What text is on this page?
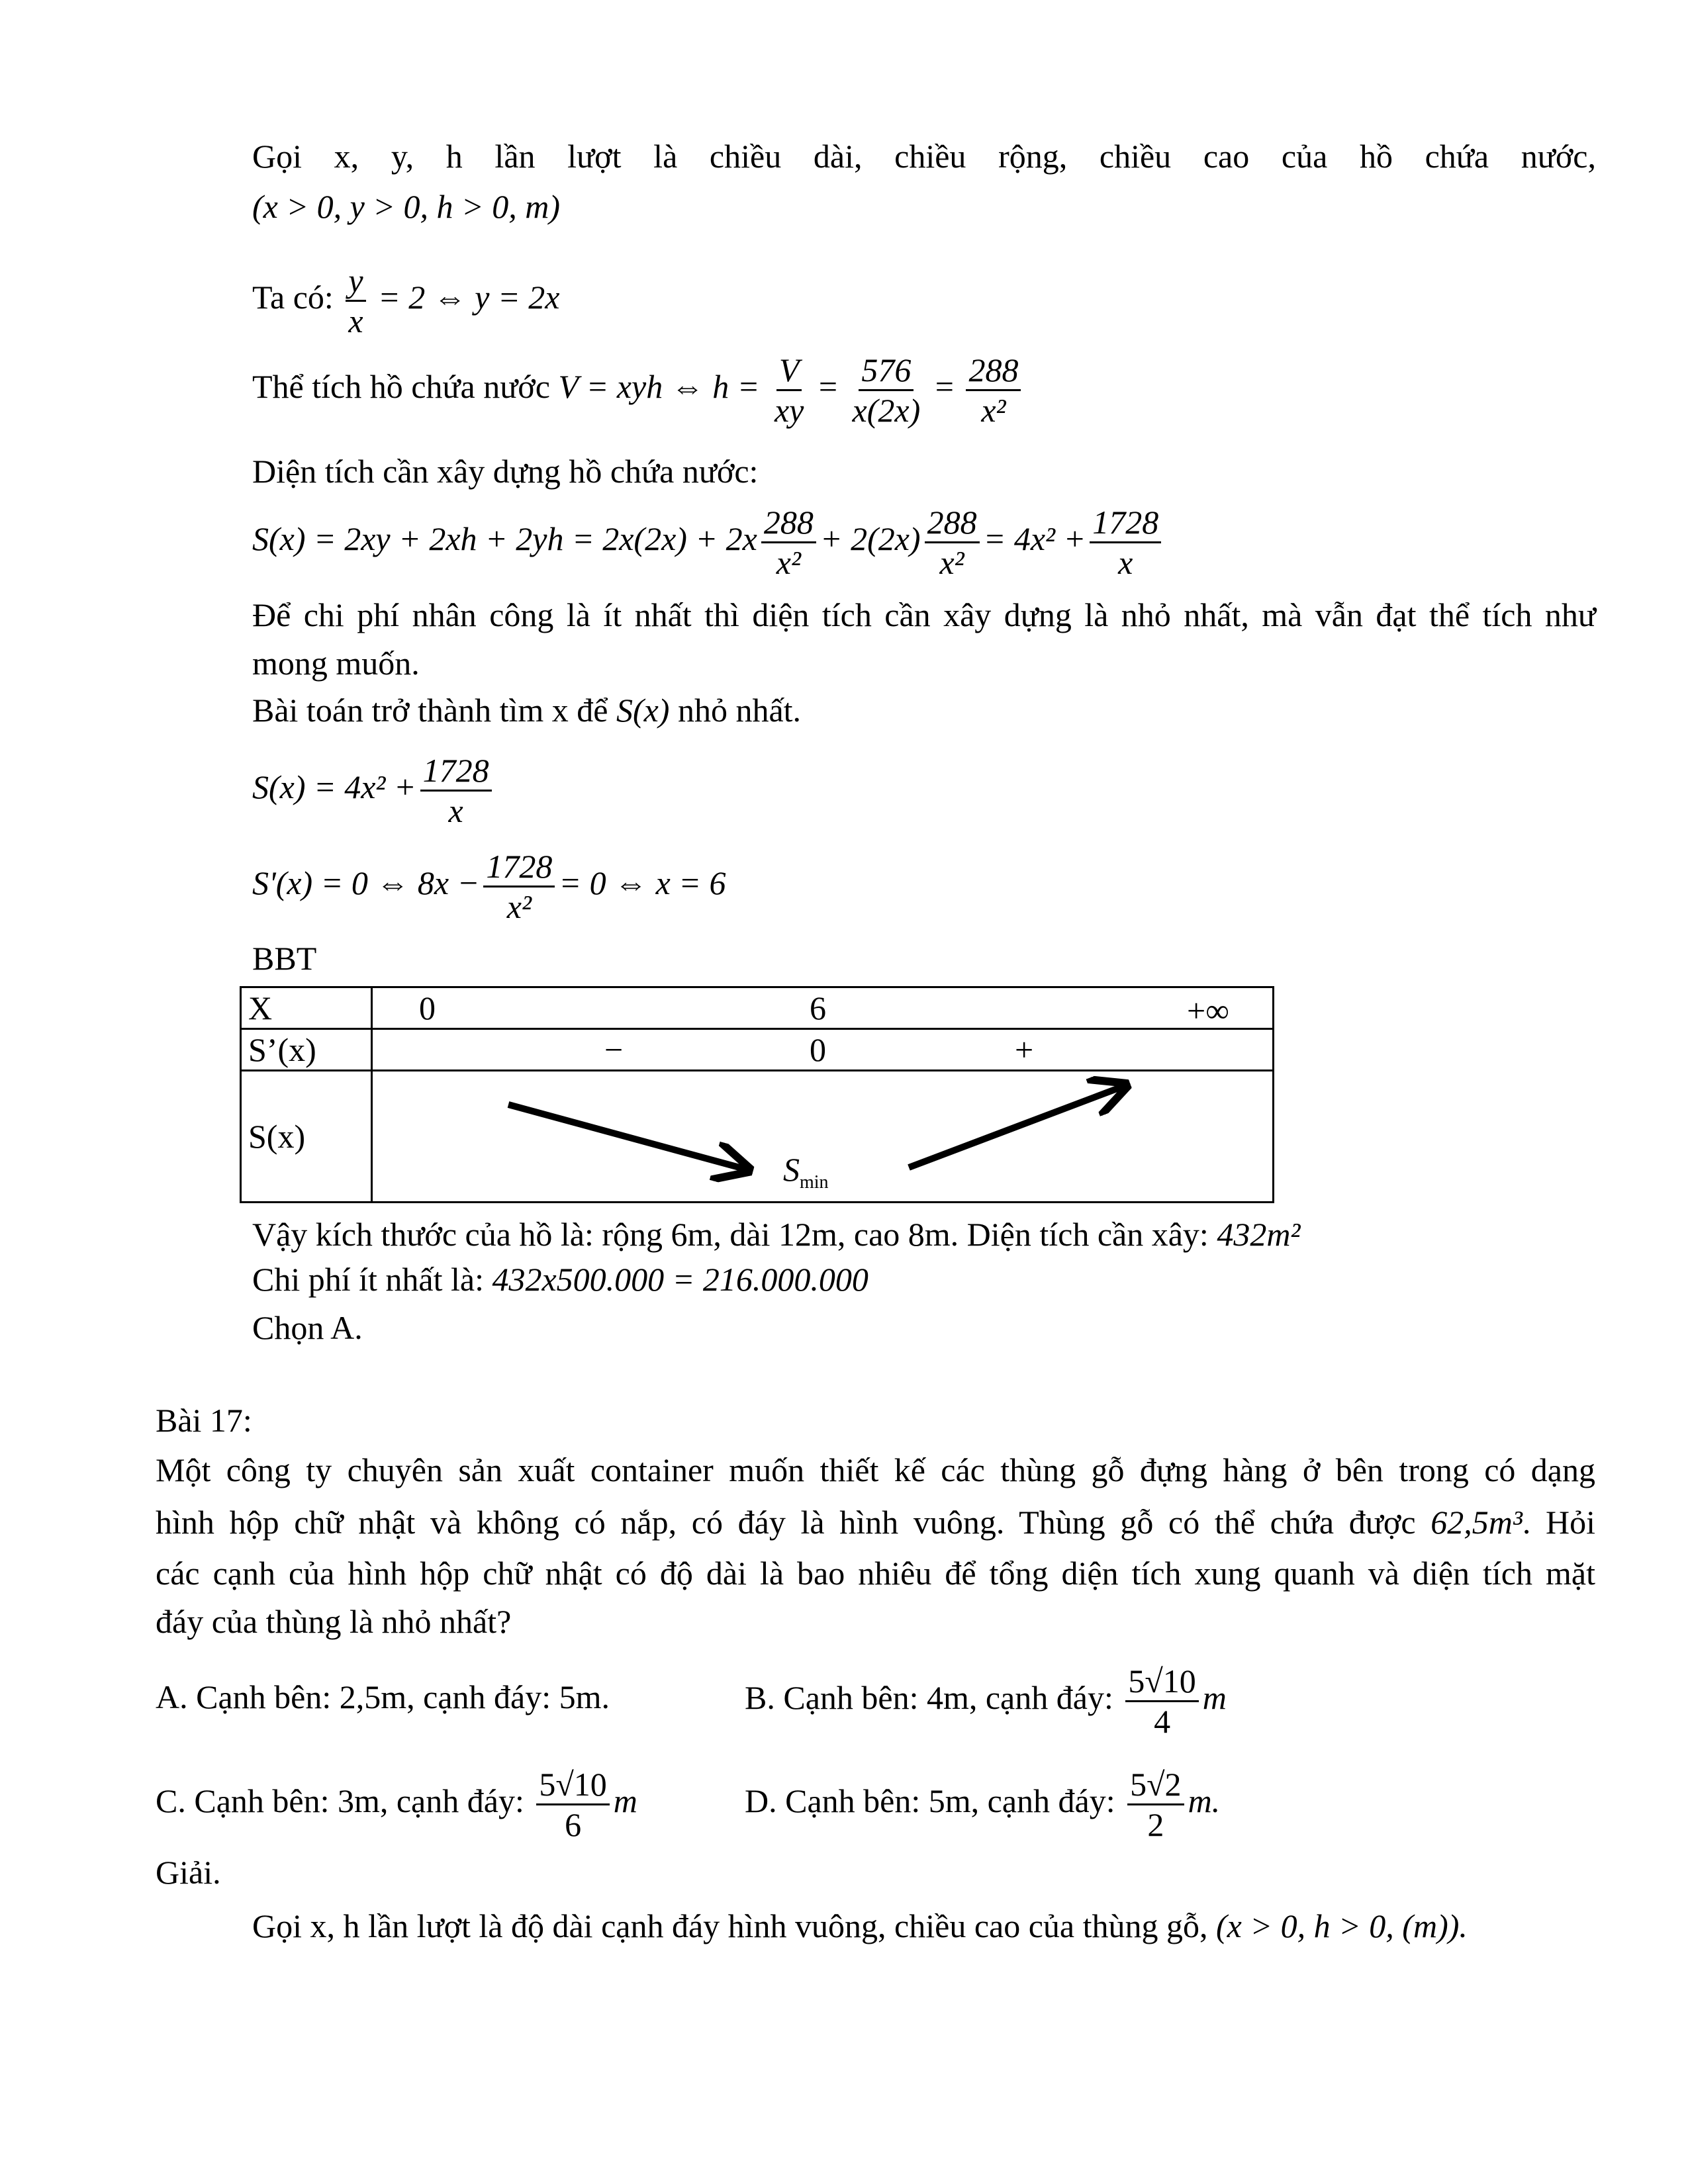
Gọi x, y, h lần lượt là chiều dài, chiều rộng, chiều cao của hồ chứa nước,
(x > 0, y > 0, h > 0, m)
Ta có: $\frac{y}{x} = 2$ ⇔ y = 2x
Thể tích hồ chứa nước V = xyh ⇔ $h = \frac{V}{xy} = \frac{576}{x(2x)} = \frac{288}{\text{x²}}$
Diện tích cần xây dựng hồ chứa nước:
$S(x) = 2xy + 2xh + 2yh = 2x(2x) + 2x \frac{288}{\text{x²}} + 2(2x) \frac{288}{\text{x²}} = 4x^2 + \frac{1728}{x}$
Để chi phí nhân công là ít nhất thì diện tích cần xây dựng là nhỏ nhất, mà vẫn đạt thể tích như
mong muốn.
Bài toán trở thành tìm x để S(x) nhỏ nhất.
$S(x) = 4x^2 + \frac{1728}{x}$
S'(x) = 0 ⇔ $8x - \frac{1728}{\text{x²}} = 0$ ⇔ x = 6
BBT
X	0 6 +∞

S’(x)	− 0 +

S(x)	$S_{min}$
Vậy kích thước của hồ là: rộng 6m, dài 12m, cao 8m. Diện tích cần xây: 432m²
Chi phí ít nhất là: 432x500.000 = 216.000.000
Chọn A.
Bài 17:
Một công ty chuyên sản xuất container muốn thiết kế các thùng gỗ đựng hàng ở bên trong có dạng
hình hộp chữ nhật và không có nắp, có đáy là hình vuông. Thùng gỗ có thể chứa được 62,5m³. Hỏi
các cạnh của hình hộp chữ nhật có độ dài là bao nhiêu để tổng diện tích xung quanh và diện tích mặt
đáy của thùng là nhỏ nhất?
A. Cạnh bên: 2,5m, cạnh đáy: 5m.	B. Cạnh bên: 4m, cạnh đáy: $\frac{5√10}{4}$ m
C. Cạnh bên: 3m, cạnh đáy: $\frac{5√10}{6}$ m	D. Cạnh bên: 5m, cạnh đáy: $\frac{5√2}{2} m$.
Giải.
Gọi x, h lần lượt là độ dài cạnh đáy hình vuông, chiều cao của thùng gỗ, (x > 0, h > 0, (m)).
